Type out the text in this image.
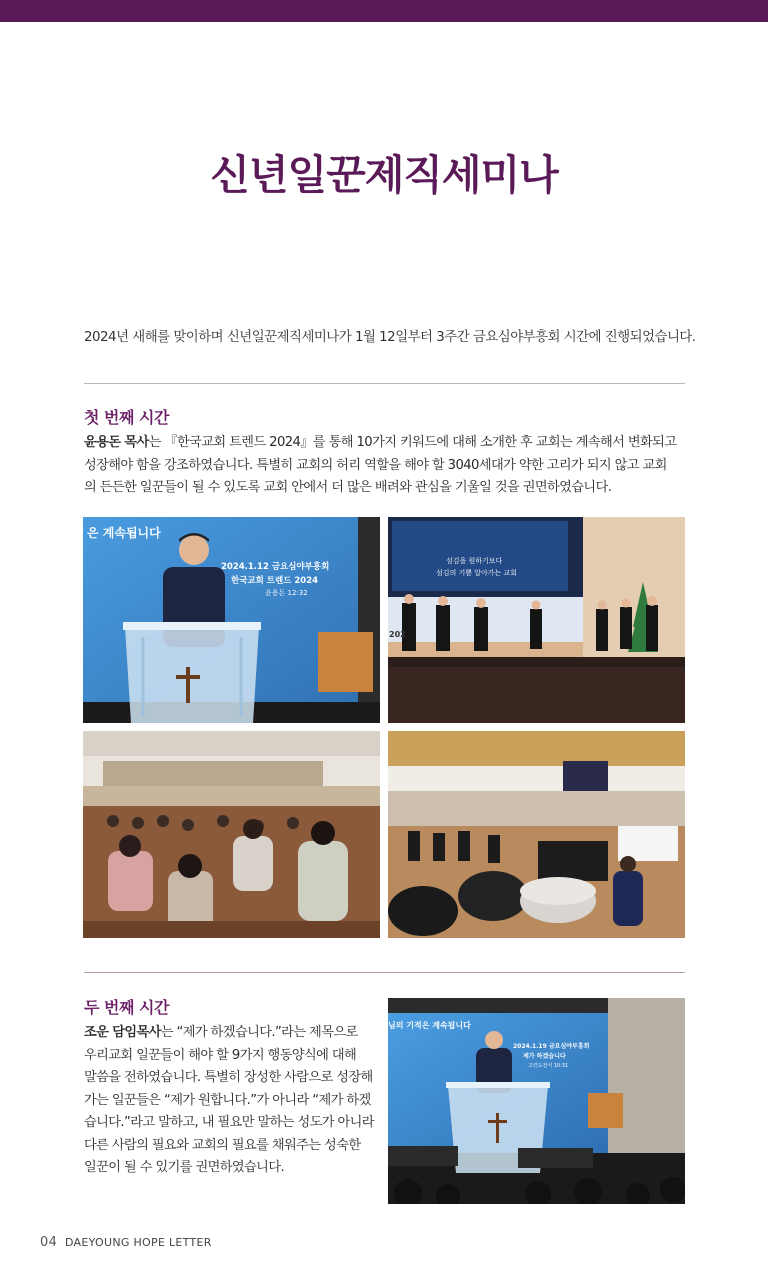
신년일꾼제직세미나
2024년 새해를 맞이하며 신년일꾼제직세미나가 1월 12일부터 3주간 금요심야부흥회 시간에 진행되었습니다.
첫 번째 시간
윤용돈 목사는 『한국교회 트렌드 2024』를 통해 10가지 키워드에 대해 소개한 후 교회는 계속해서 변화되고
성장해야 함을 강조하였습니다. 특별히 교회의 허리 역할을 해야 할 3040세대가 약한 고리가 되지 않고 교회
의 든든한 일꾼들이 될 수 있도록 교회 안에서 더 많은 배려와 관심을 기울일 것을 권면하였습니다.
은 계속됩니다
2024.1.12 금요심야부흥회
한국교회 트렌드 2024
윤용돈 12:32
섬김을 원하기보다
섬김의 기쁨 알아가는 교회
202
두 번째 시간
조운 담임목사는 “제가 하겠습니다.”라는 제목으로
우리교회 일꾼들이 해야 할 9가지 행동양식에 대해
말씀을 전하였습니다. 특별히 장성한 사람으로 성장해
가는 일꾼들은 “제가 원합니다.”가 아니라 “제가 하겠
습니다.”라고 말하고, 내 필요만 말하는 성도가 아니라
다른 사람의 필요와 교회의 필요를 채워주는 성숙한
일꾼이 될 수 있기를 권면하였습니다.
님의 기적은 계속됩니다
2024.1.19 금요심야부흥회
제가 하겠습니다
고린도전서 10:31
04 DAEYOUNG HOPE LETTER
